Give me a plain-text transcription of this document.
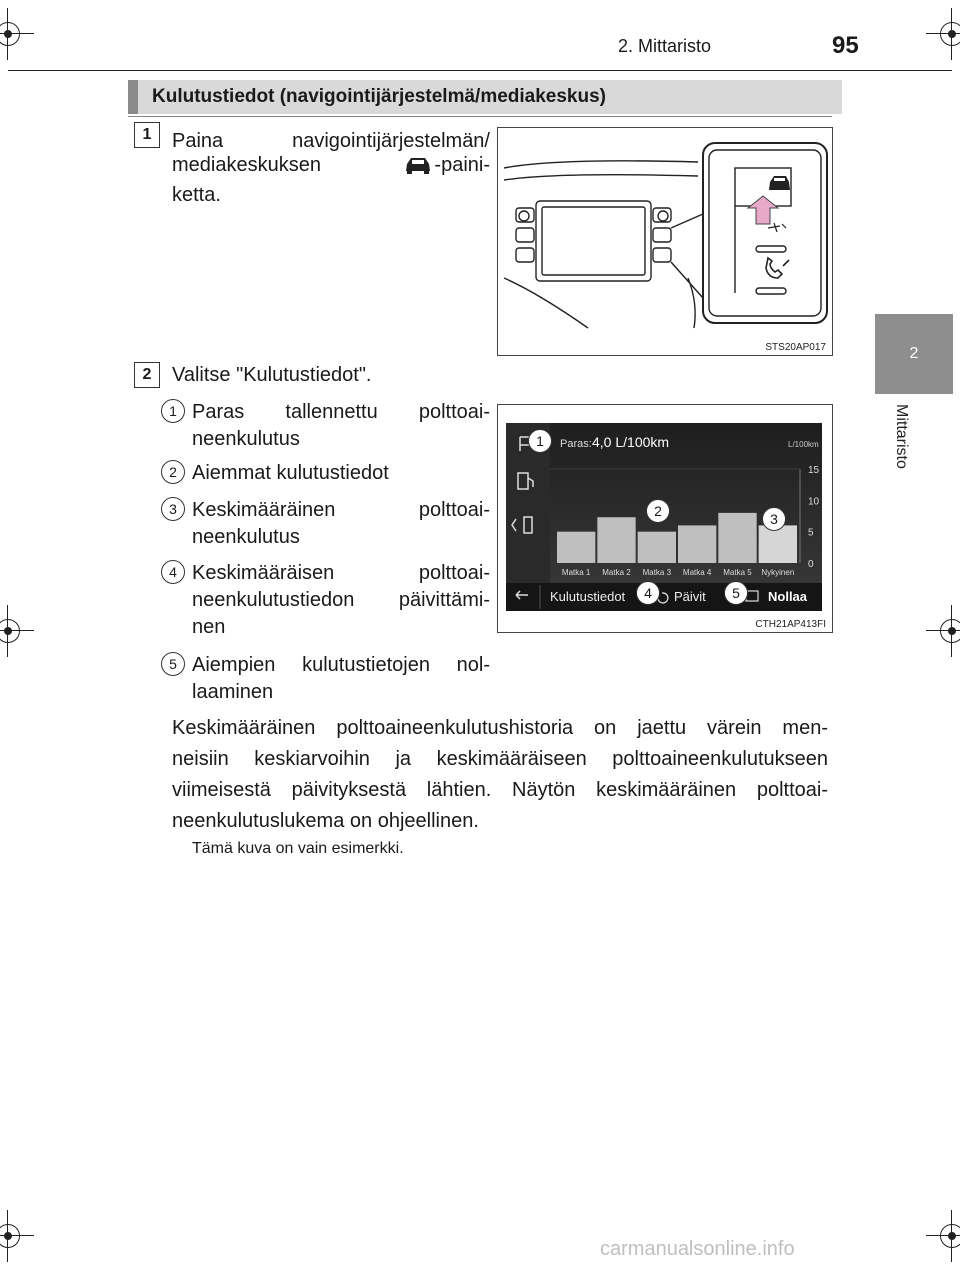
2. Mittaristo	95
2
Mittaristo
Kulutustiedot (navigointijärjestelmä/mediakeskus)
1	Paina	navigointijärjestelmän/
mediakeskuksen	-paini-
ketta.
STS20AP017
2	Valitse "Kulutustiedot".
1 Paras tallennettu polttoai-
neenkulutus
2 Aiemmat kulutustiedot
3 Keskimääräinen polttoai-
neenkulutus
4 Keskimääräisen polttoai-
neenkulutustiedon päivittämi-
nen
5 Aiempien kulutustietojen nol-
laaminen
Matka 1 Matka 2 Matka 3 Matka 4 Matka 5 Nykyinen
15
10
5
0
Paras: 4,0 L/100km	L/100km
Kulutustiedot	Päivit	Nollaa
1
2	3
4	5
CTH21AP413FI
Keskimääräinen polttoaineenkulutushistoria on jaettu värein men-
neisiin keskiarvoihin ja keskimääräiseen polttoaineenkulutukseen
viimeisestä päivityksestä lähtien. Näytön keskimääräinen polttoai-
neenkulutuslukema on ohjeellinen.
Tämä kuva on vain esimerkki.
carmanualsonline.info
